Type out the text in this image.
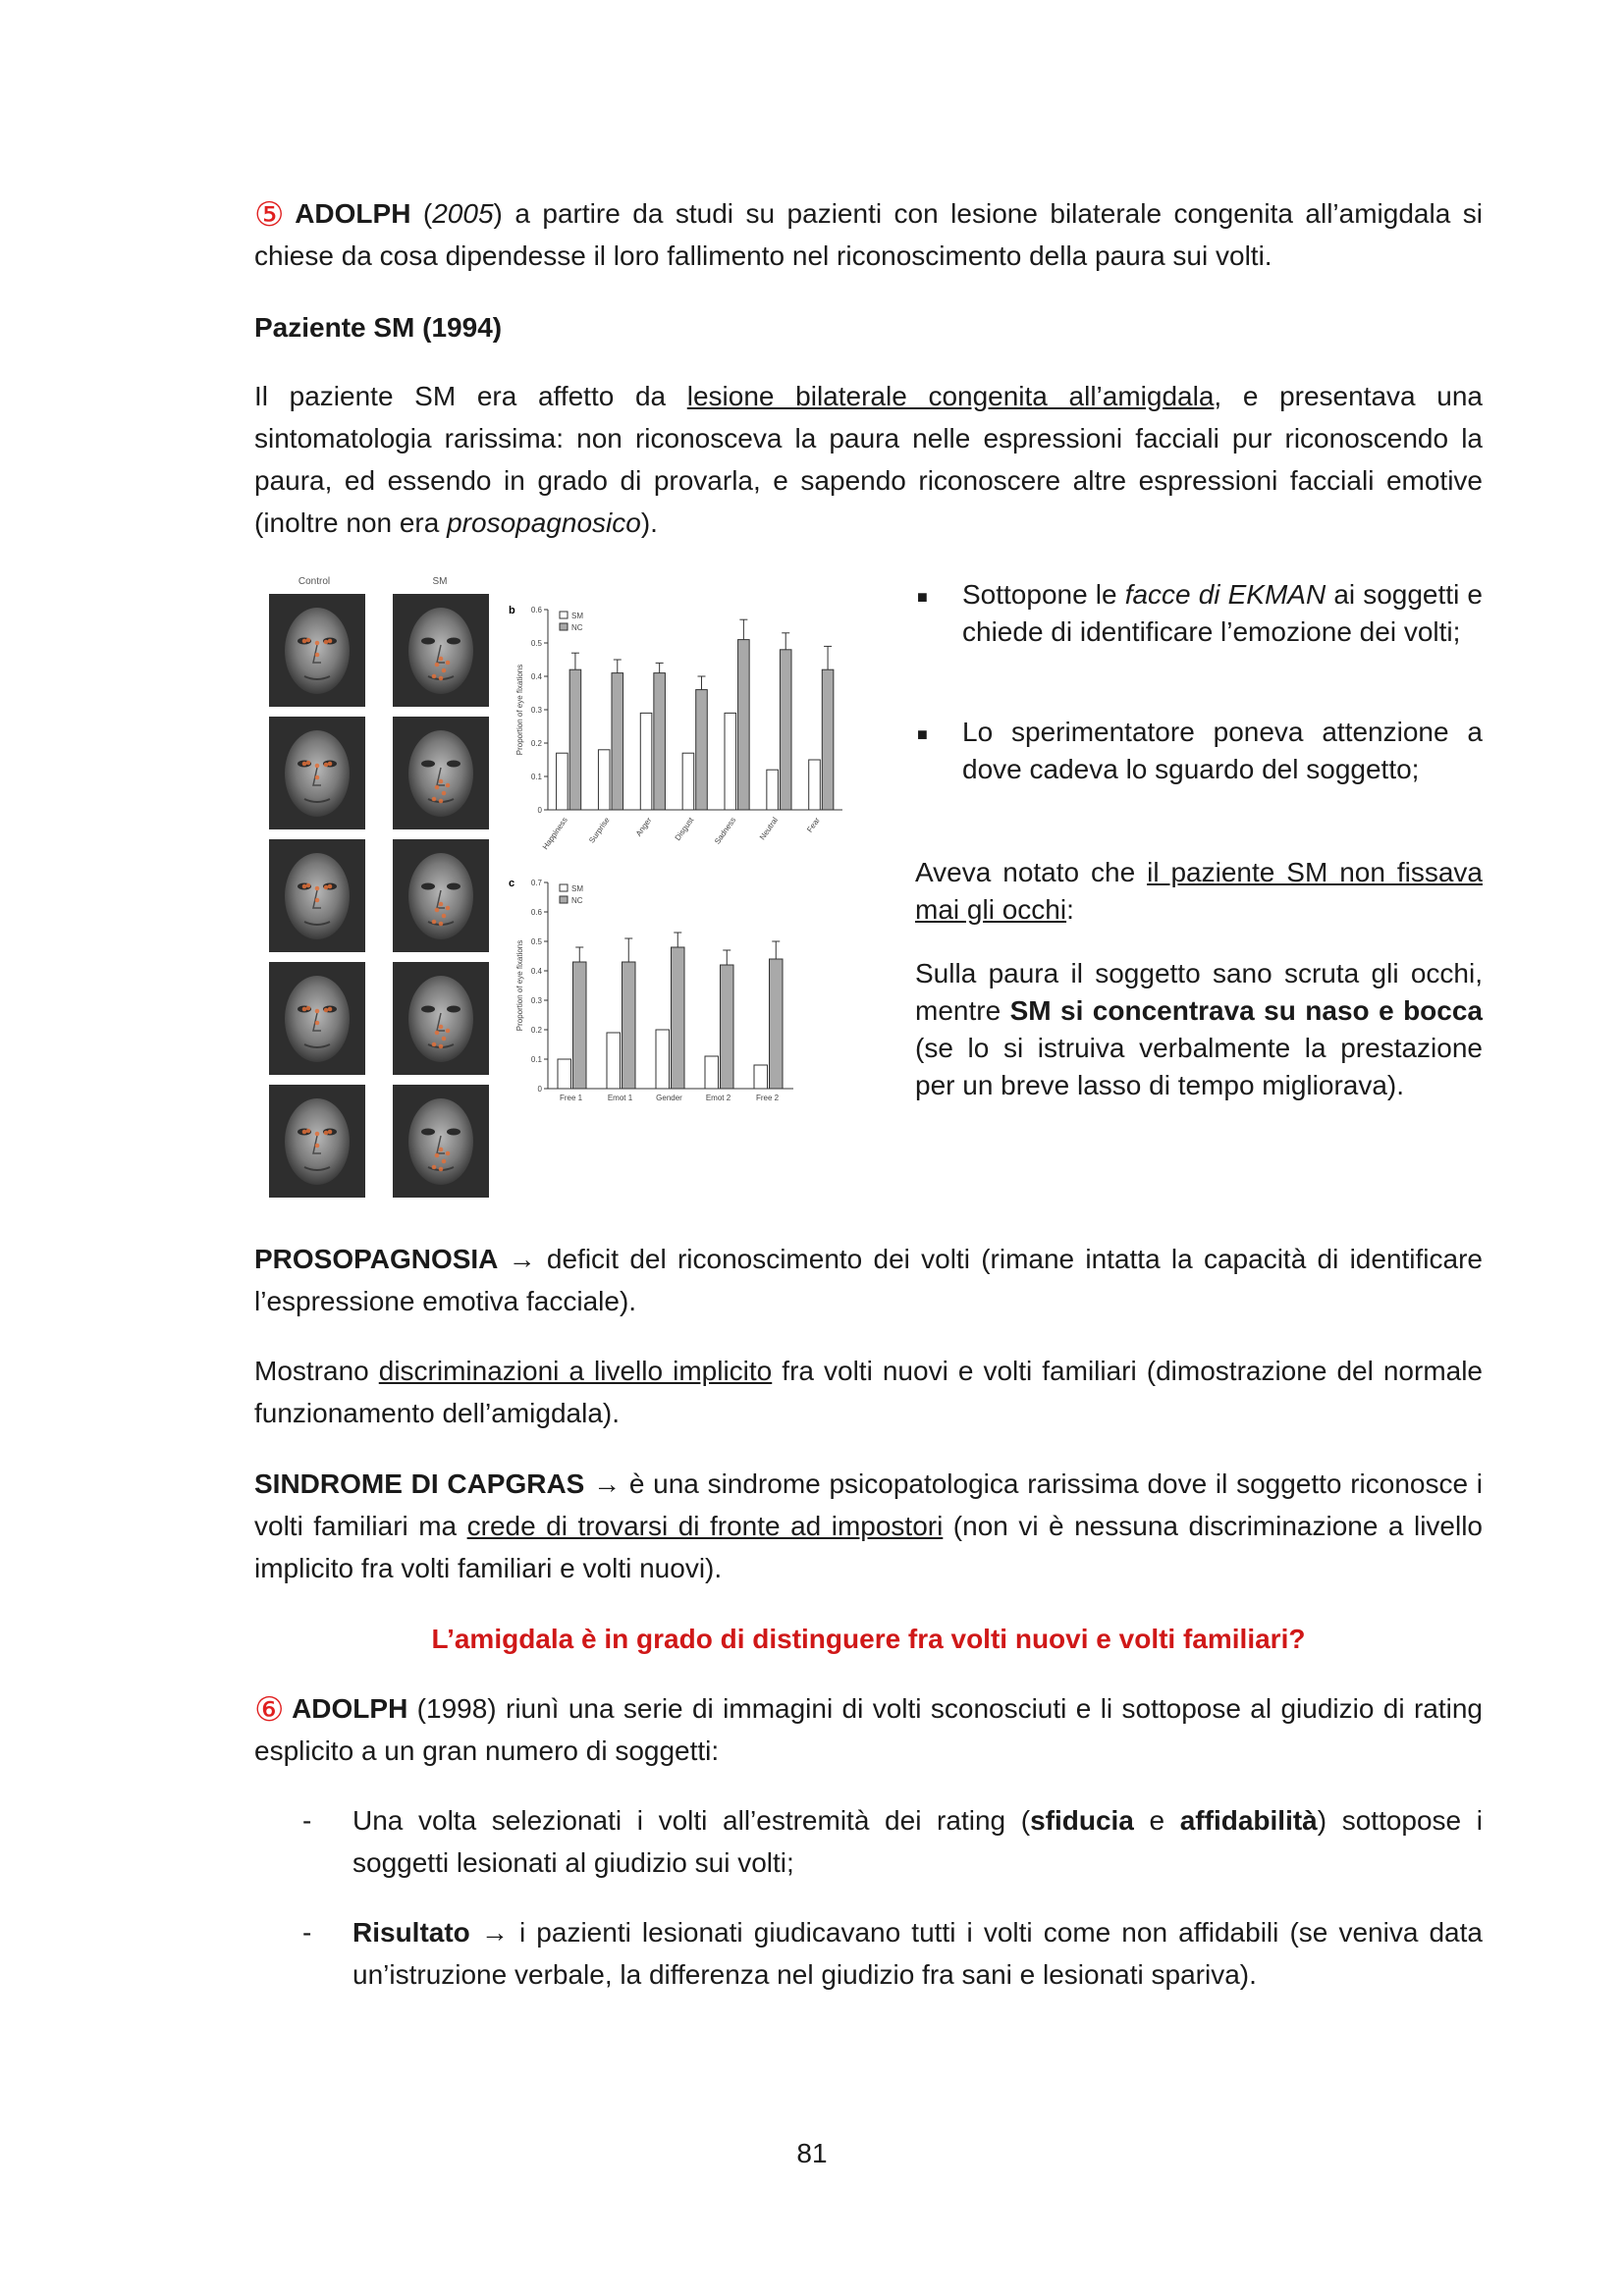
⑤ ADOLPH (2005) a partire da studi su pazienti con lesione bilaterale congenita all’amigdala si chiese da cosa dipendesse il loro fallimento nel riconoscimento della paura sui volti.
Paziente SM (1994)
Il paziente SM era affetto da lesione bilaterale congenita all’amigdala, e presentava una sintomatologia rarissima: non riconosceva la paura nelle espressioni facciali pur riconoscendo la paura, ed essendo in grado di provarla, e sapendo riconoscere altre espressioni facciali emotive (inoltre non era prosopagnosico).
Control	SM
b
c
0
0.1
0.2
0.3
0.4
0.5
0.6
Proportion of eye fixations
Happiness Surprise	Anger	Disgust Sadness	Neutral	Fear
SM
NC
0
0.1
0.2
0.3
0.4
0.5
0.6
0.7
Proportion of eye fixations
Free 1	Emot 1	Gender	Emot 2	Free 2
SM
NC
■ Sottopone le facce di EKMAN ai soggetti e chiede di identificare l’emozione dei volti;
■ Lo sperimentatore poneva attenzione a dove cadeva lo sguardo del soggetto;
Aveva notato che il paziente SM non fissava mai gli occhi:
Sulla paura il soggetto sano scruta gli occhi, mentre SM si concentrava su naso e bocca (se lo si istruiva verbalmente la prestazione per un breve lasso di tempo migliorava).
PROSOPAGNOSIA → deficit del riconoscimento dei volti (rimane intatta la capacità di identificare l’espressione emotiva facciale).
Mostrano discriminazioni a livello implicito fra volti nuovi e volti familiari (dimostrazione del normale funzionamento dell’amigdala).
SINDROME DI CAPGRAS → è una sindrome psicopatologica rarissima dove il soggetto riconosce i volti familiari ma crede di trovarsi di fronte ad impostori (non vi è nessuna discriminazione a livello implicito fra volti familiari e volti nuovi).
L’amigdala è in grado di distinguere fra volti nuovi e volti familiari?
⑥ ADOLPH (1998) riunì una serie di immagini di volti sconosciuti e li sottopose al giudizio di rating esplicito a un gran numero di soggetti:
- Una volta selezionati i volti all’estremità dei rating (sfiducia e affidabilità) sottopose i soggetti lesionati al giudizio sui volti;
- Risultato → i pazienti lesionati giudicavano tutti i volti come non affidabili (se veniva data un’istruzione verbale, la differenza nel giudizio fra sani e lesionati spariva).
81
